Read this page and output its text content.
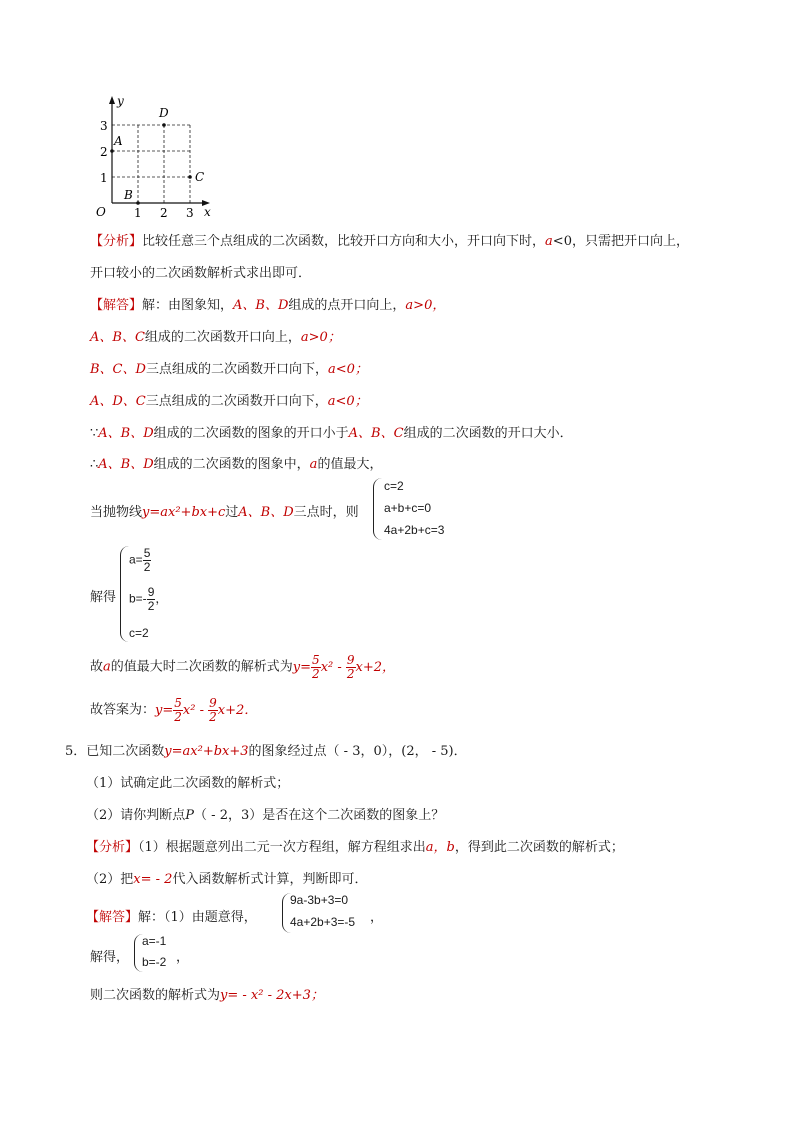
y
x
O 1 2 3
1
2
3
A
B
C
D
【分析】比较任意三个点组成的二次函数，比较开口方向和大小，开口向下时，a<0，只需把开口向上，
开口较小的二次函数解析式求出即可．
【解答】解：由图象知，A、B、D组成的点开口向上，a>0，
A、B、C组成的二次函数开口向上，a>0；
B、C、D三点组成的二次函数开口向下，a<0；
A、D、C三点组成的二次函数开口向下，a<0；
∵A、B、D组成的二次函数的图象的开口小于A、B、C组成的二次函数的开口大小．
∴A、B、D组成的二次函数的图象中，a的值最大，
当抛物线y=ax²+bx+c过A、B、D三点时，则
c=2
a+b+c=0
4a+2b+c=3
解得
$a= \frac{5}{2}$
$b=- \frac{9}{2}$ ，
c=2
故a的值最大时二次函数的解析式为$y= \frac{5}{2} x^2 - \frac{9}{2} x+2$，
故答案为：$y= \frac{5}{2} x^2 - \frac{9}{2} x+2$．
5．已知二次函数y=ax²+bx+3的图象经过点（ - 3，0），(2， - 5)．
（1）试确定此二次函数的解析式；
（2）请你判断点P（ - 2，3）是否在这个二次函数的图象上？
【分析】（1）根据题意列出二元一次方程组，解方程组求出a，b，得到此二次函数的解析式；
（2）把x= - 2代入函数解析式计算，判断即可．
【解答】解：（1）由题意得，
9a-3b+3=0
4a+2b+3=-5 ，
解得，
a=-1
b=-2 ，
则二次函数的解析式为y= - x² - 2x+3；
